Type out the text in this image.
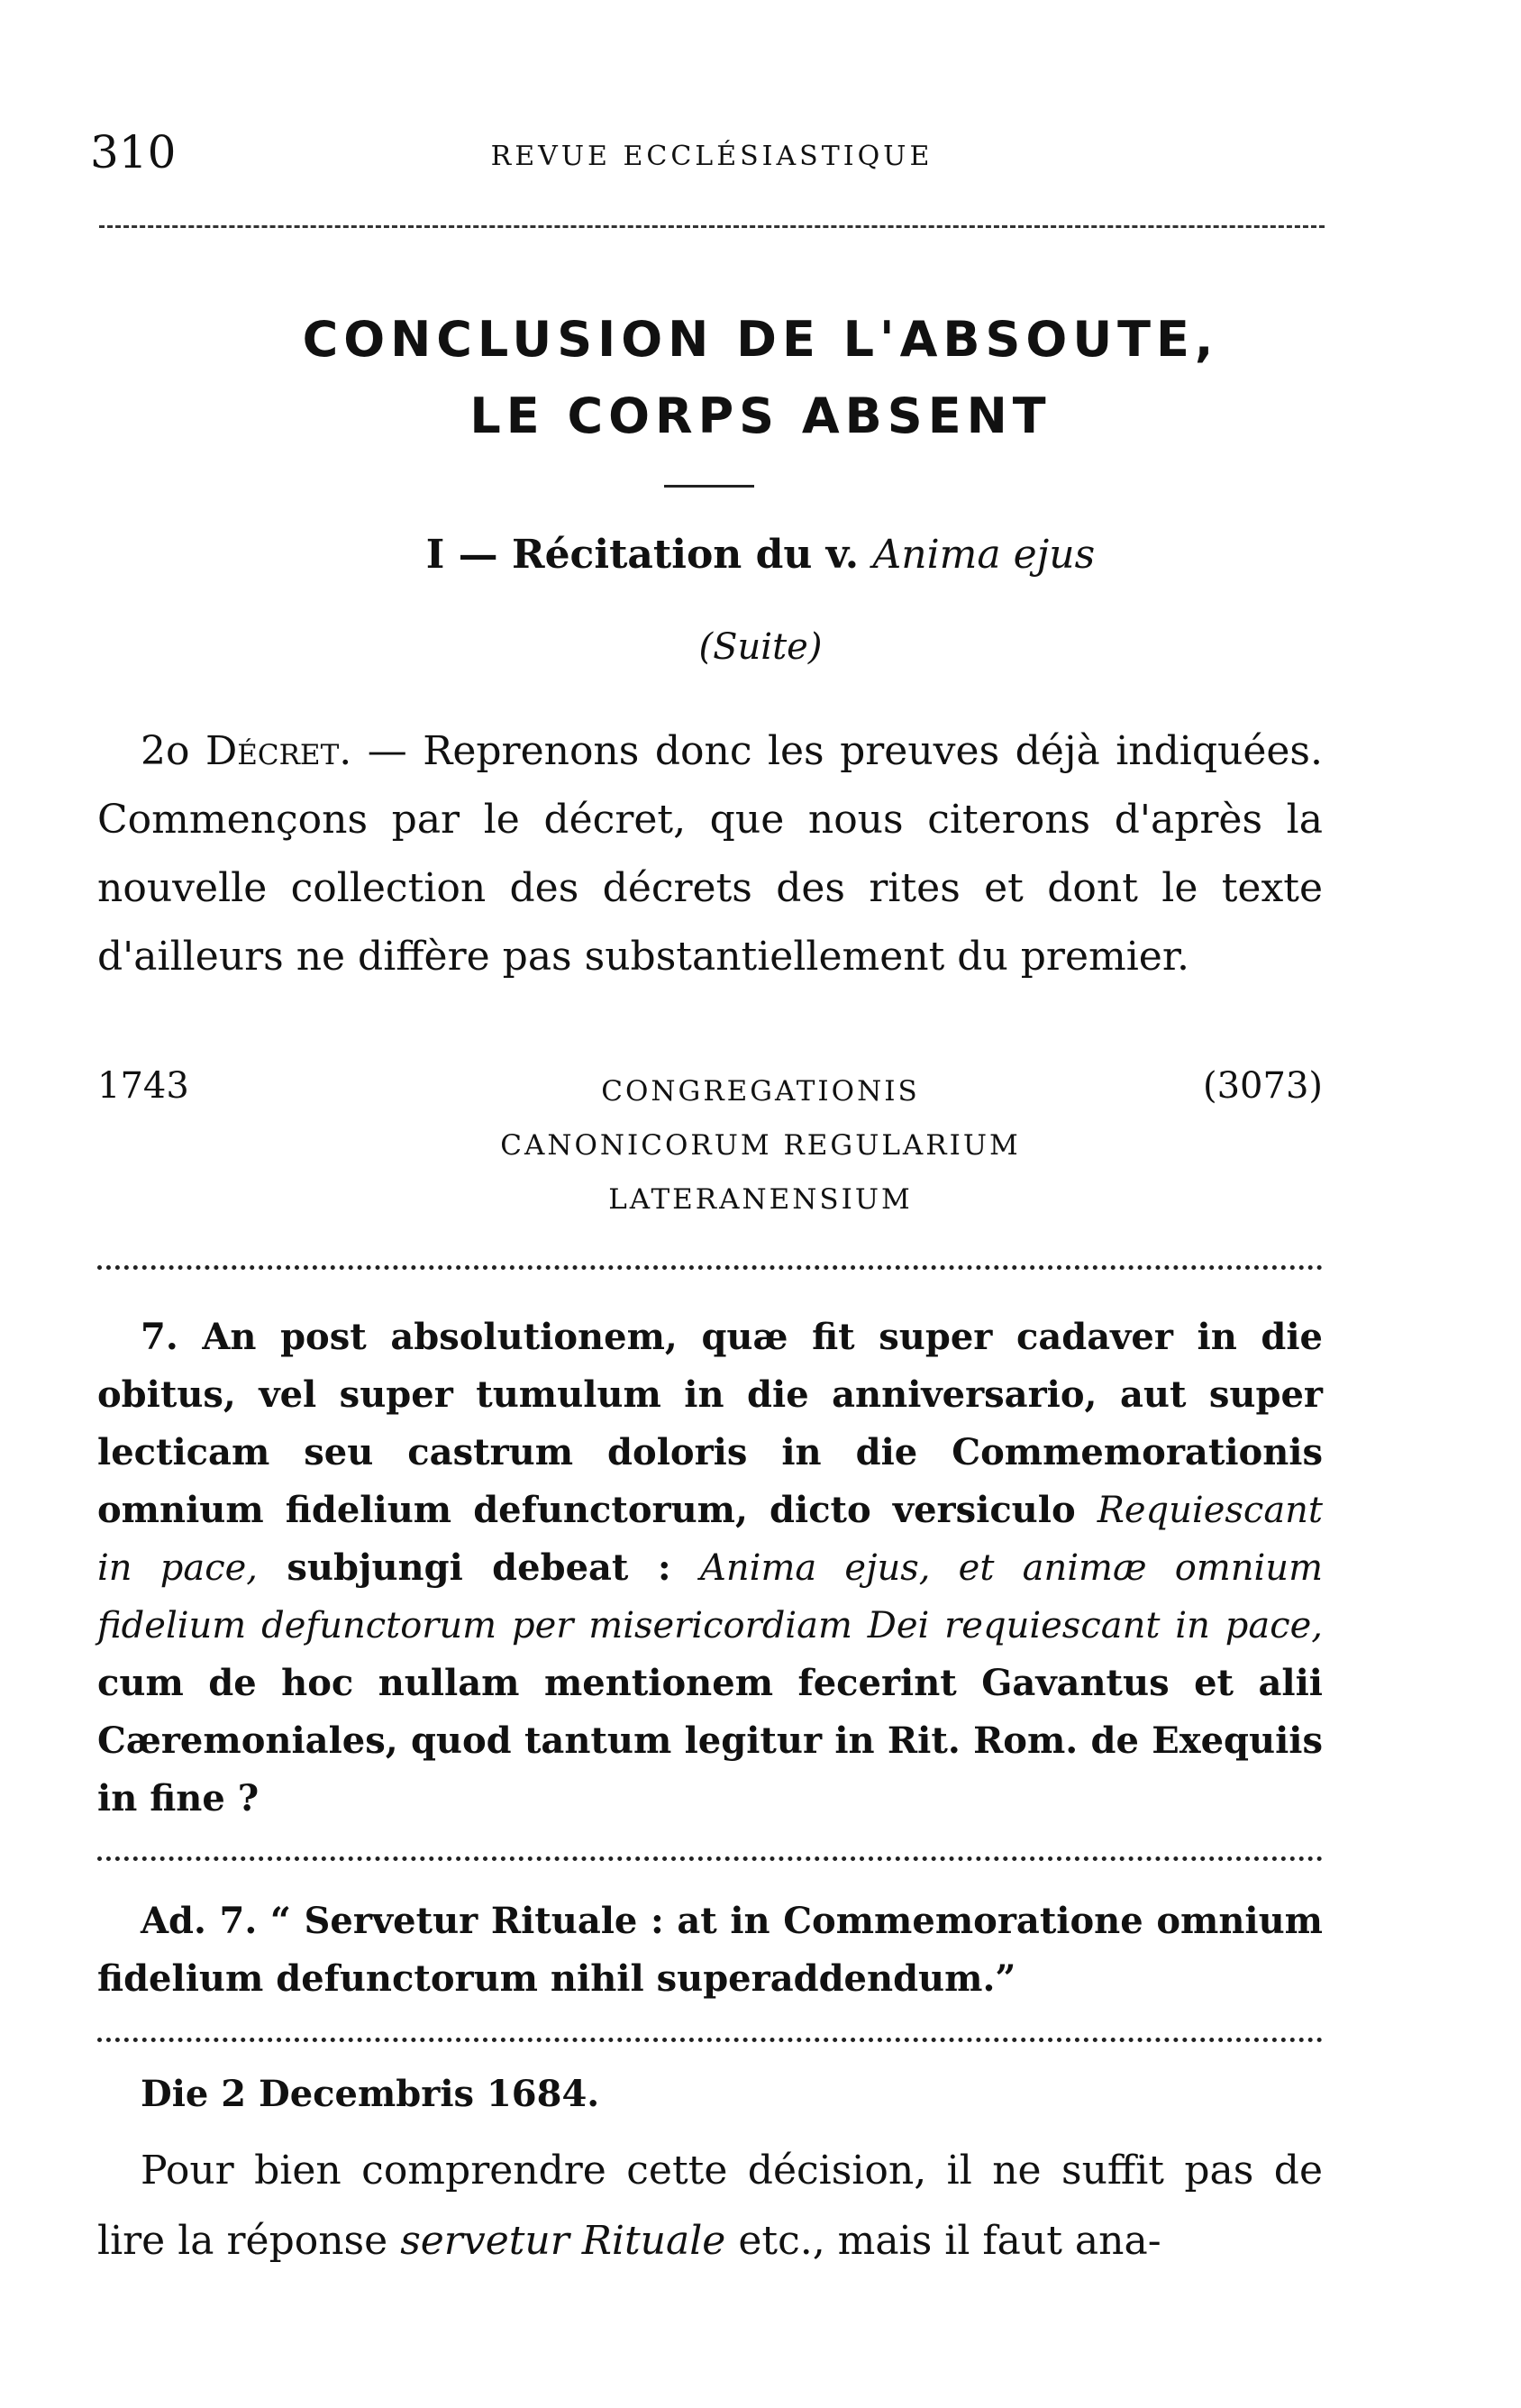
310	REVUE ECCLÉSIASTIQUE
CONCLUSION DE L'ABSOUTE,
LE CORPS ABSENT
I — Récitation du v. Anima ejus
(Suite)
2o Décret. — Reprenons donc les preuves déjà indiquées. Commençons par le décret, que nous citerons d'après la nouvelle collection des décrets des rites et dont le texte d'ailleurs ne diffère pas substantiellement du premier.
1743	(3073)
CONGREGATIONIS
CANONICORUM REGULARIUM
LATERANENSIUM
7. An post absolutionem, quæ fit super cadaver in die obitus, vel super tumulum in die anniversario, aut super lecticam seu castrum doloris in die Commemorationis omnium fidelium defunctorum, dicto versiculo Requiescant in pace, subjungi debeat : Anima ejus, et animæ omnium fidelium defunctorum per misericordiam Dei requiescant in pace, cum de hoc nullam mentionem fecerint Gavantus et alii Cæremoniales, quod tantum legitur in Rit. Rom. de Exequiis in fine ?
Ad. 7. “ Servetur Rituale : at in Commemoratione omnium fidelium defunctorum nihil superaddendum.”
Die 2 Decembris 1684.
Pour bien comprendre cette décision, il ne suffit pas de lire la réponse servetur Rituale etc., mais il faut ana-
